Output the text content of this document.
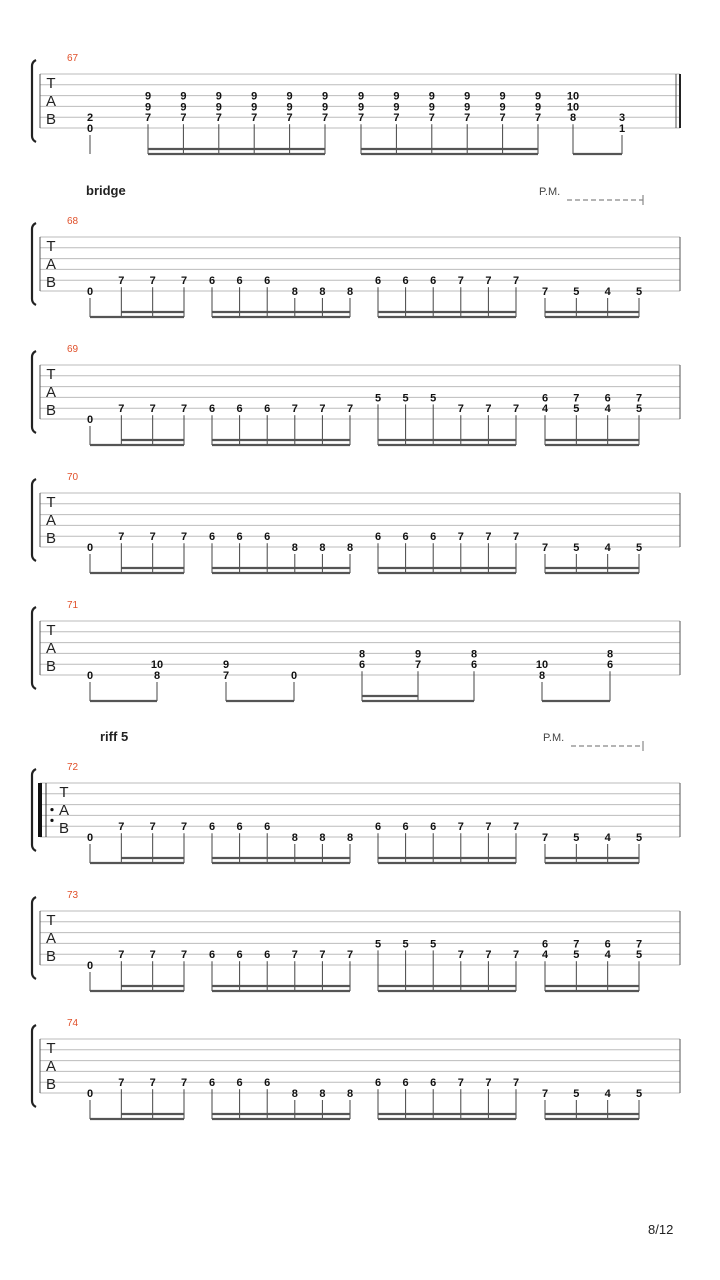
67
T
A
B	2
0
9
9
7
9
9
7
9
9
7
9
9
7
9
9
7
9
9
7
9
9
7
9
9
7
9
9
7
9
9
7
9
9
7
9
9
7
10
10
8	3
1
68
bridge	P.M.
T
A
B
0
7 7 7 6 6 6
8 8 8
6 6 6 7 7 7
7 5 4 5
69
T
A
B
0
7 7 7 6 6 6 7 7 7
5 5 5
7 7 7
6
4
7
5
6
4
7
5
70
T
A
B
0
7 7 7 6 6 6
8 8 8
6 6 6 7 7 7
7 5 4 5
71
T
A
B
0
10
8
9
7	0
8
6
9
7
8
6	10
8
8
6
72
riff 5	P.M.
T
A
B
0
7 7 7 6 6 6
8 8 8
6 6 6 7 7 7
7 5 4 5
73
T
A
B
0
7 7 7 6 6 6 7 7 7
5 5 5
7 7 7
6
4
7
5
6
4
7
5
74
T
A
B
0
7 7 7 6 6 6
8 8 8
6 6 6 7 7 7
7 5 4 5
8/12
